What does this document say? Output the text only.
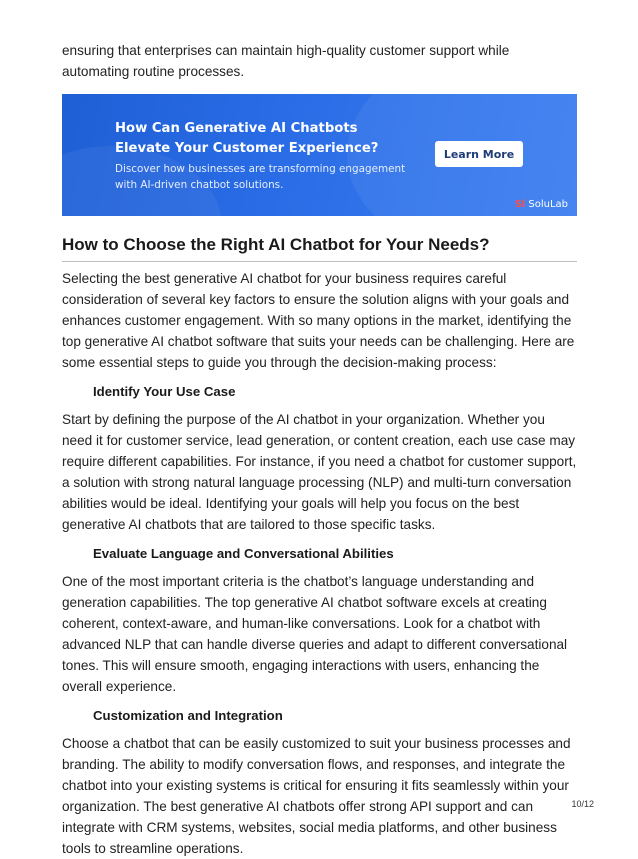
ensuring that enterprises can maintain high-quality customer support while automating routine processes.

How Can Generative AI Chatbots Elevate Your Customer Experience?

Discover how businesses are transforming engagement with AI-driven chatbot solutions.

Learn More
Sl SoluLab
How to Choose the Right AI Chatbot for Your Needs?

Selecting the best generative AI chatbot for your business requires careful consideration of several key factors to ensure the solution aligns with your goals and enhances customer engagement. With so many options in the market, identifying the top generative AI chatbot software that suits your needs can be challenging. Here are some essential steps to guide you through the decision-making process:

Identify Your Use Case

Start by defining the purpose of the AI chatbot in your organization. Whether you need it for customer service, lead generation, or content creation, each use case may require different capabilities. For instance, if you need a chatbot for customer support, a solution with strong natural language processing (NLP) and multi-turn conversation abilities would be ideal. Identifying your goals will help you focus on the best generative AI chatbots that are tailored to those specific tasks.

Evaluate Language and Conversational Abilities

One of the most important criteria is the chatbot’s language understanding and generation capabilities. The top generative AI chatbot software excels at creating coherent, context-aware, and human-like conversations. Look for a chatbot with advanced NLP that can handle diverse queries and adapt to different conversational tones. This will ensure smooth, engaging interactions with users, enhancing the overall experience.

Customization and Integration

Choose a chatbot that can be easily customized to suit your business processes and branding. The ability to modify conversation flows, and responses, and integrate the chatbot into your existing systems is critical for ensuring it fits seamlessly within your organization. The best generative AI chatbots offer strong API support and can integrate with CRM systems, websites, social media platforms, and other business tools to streamline operations.

10/12
